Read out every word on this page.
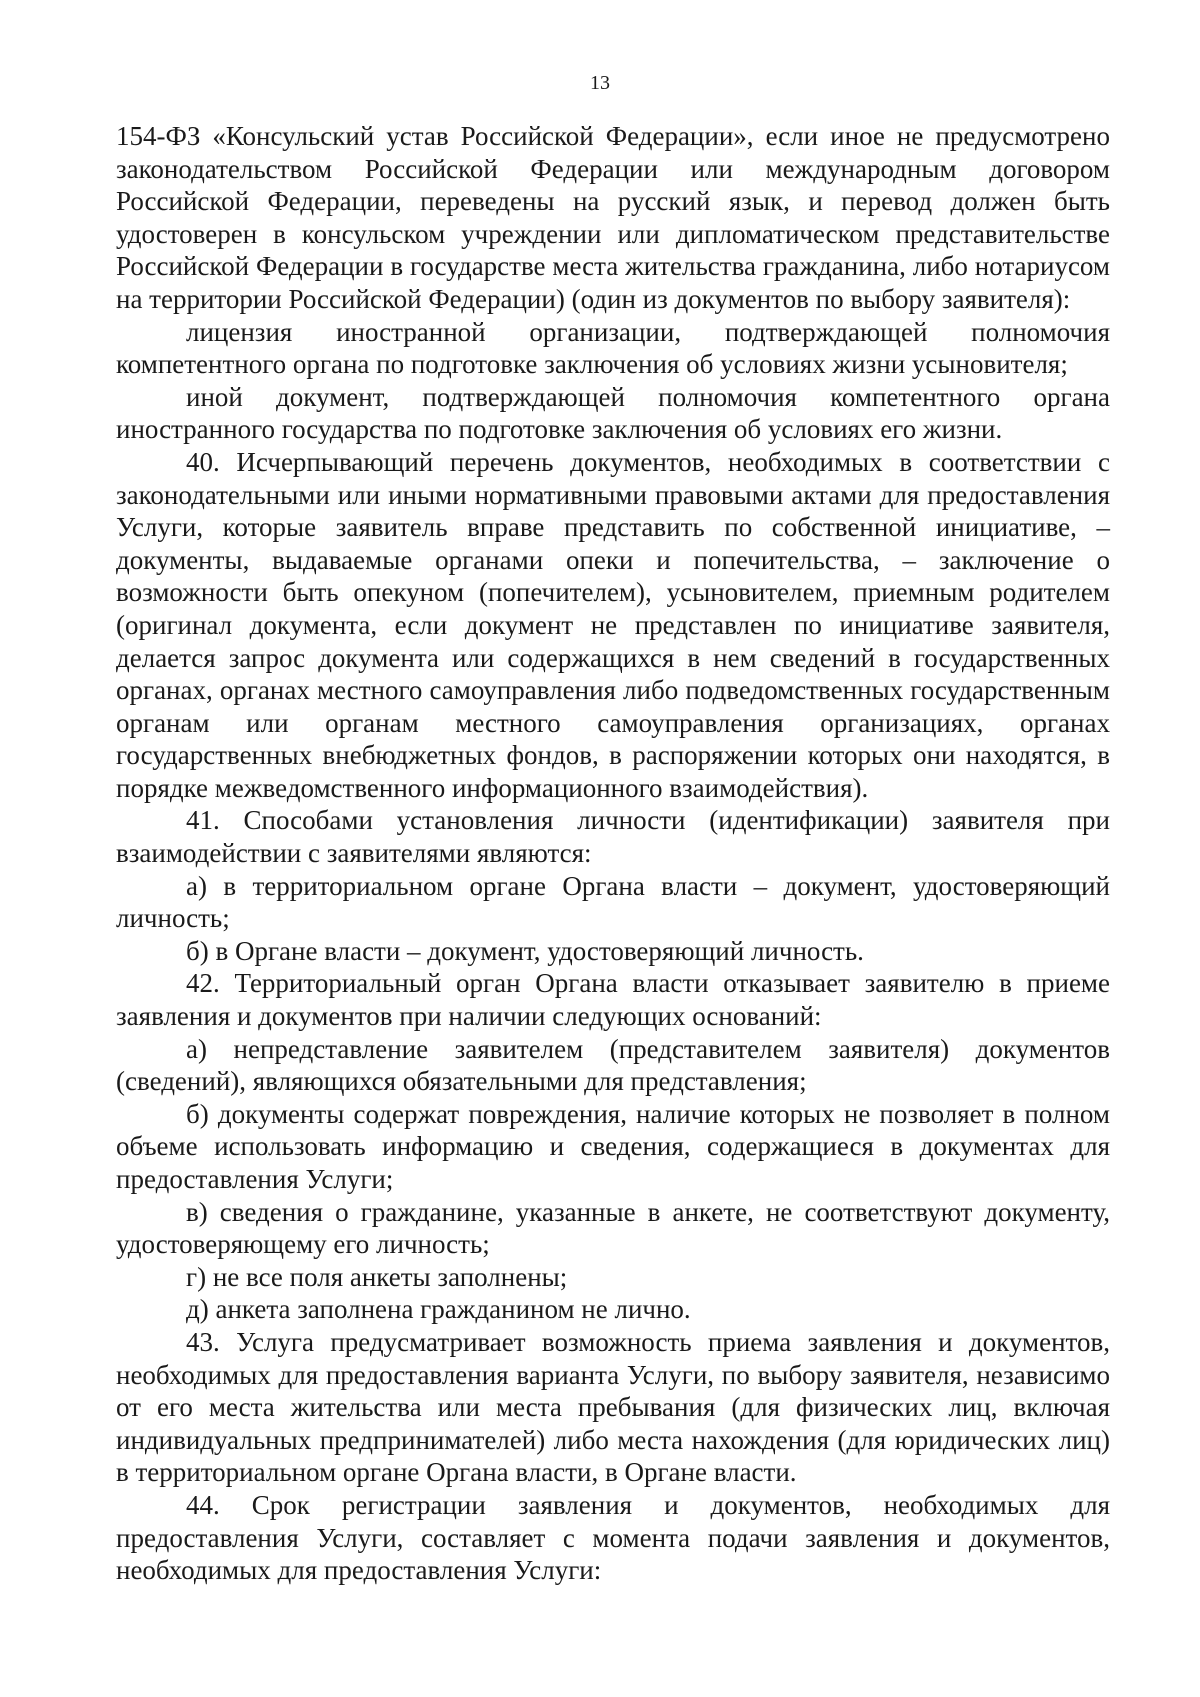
13

154-ФЗ «Консульский устав Российской Федерации», если иное не предусмотрено законодательством Российской Федерации или международным договором Российской Федерации, переведены на русский язык, и перевод должен быть удостоверен в консульском учреждении или дипломатическом представительстве Российской Федерации в государстве места жительства гражданина, либо нотариусом на территории Российской Федерации) (один из документов по выбору заявителя):

лицензия иностранной организации, подтверждающей полномочия компетентного органа по подготовке заключения об условиях жизни усыновителя;

иной документ, подтверждающей полномочия компетентного органа иностранного государства по подготовке заключения об условиях его жизни.

40. Исчерпывающий перечень документов, необходимых в соответствии с законодательными или иными нормативными правовыми актами для предоставления Услуги, которые заявитель вправе представить по собственной инициативе, – документы, выдаваемые органами опеки и попечительства, – заключение о возможности быть опекуном (попечителем), усыновителем, приемным родителем (оригинал документа, если документ не представлен по инициативе заявителя, делается запрос документа или содержащихся в нем сведений в государственных органах, органах местного самоуправления либо подведомственных государственным органам или органам местного самоуправления организациях, органах государственных внебюджетных фондов, в распоряжении которых они находятся, в порядке межведомственного информационного взаимодействия).

41. Способами установления личности (идентификации) заявителя при взаимодействии с заявителями являются:

а) в территориальном органе Органа власти – документ, удостоверяющий личность;

б) в Органе власти – документ, удостоверяющий личность.

42. Территориальный орган Органа власти отказывает заявителю в приеме заявления и документов при наличии следующих оснований:

а) непредставление заявителем (представителем заявителя) документов (сведений), являющихся обязательными для представления;

б) документы содержат повреждения, наличие которых не позволяет в полном объеме использовать информацию и сведения, содержащиеся в документах для предоставления Услуги;

в) сведения о гражданине, указанные в анкете, не соответствуют документу, удостоверяющему его личность;

г) не все поля анкеты заполнены;

д) анкета заполнена гражданином не лично.

43. Услуга предусматривает возможность приема заявления и документов, необходимых для предоставления варианта Услуги, по выбору заявителя, независимо от его места жительства или места пребывания (для физических лиц, включая индивидуальных предпринимателей) либо места нахождения (для юридических лиц) в территориальном органе Органа власти, в Органе власти.

44. Срок регистрации заявления и документов, необходимых для предоставления Услуги, составляет с момента подачи заявления и документов, необходимых для предоставления Услуги:
